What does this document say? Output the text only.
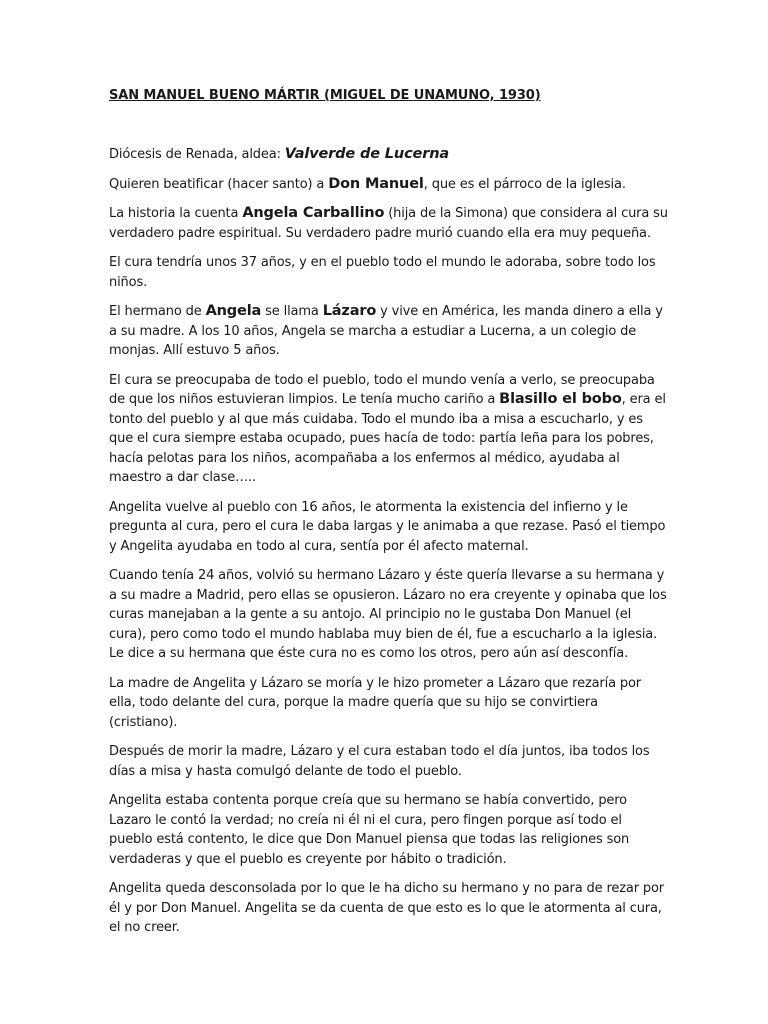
SAN MANUEL BUENO MÁRTIR (MIGUEL DE UNAMUNO, 1930)

Diócesis de Renada, aldea: Valverde de Lucerna

Quieren beatificar (hacer santo) a Don Manuel, que es el párroco de la iglesia.

La historia la cuenta Angela Carballino (hija de la Simona) que considera al cura su verdadero padre espiritual. Su verdadero padre murió cuando ella era muy pequeña.

El cura tendría unos 37 años, y en el pueblo todo el mundo le adoraba, sobre todo los niños.

El hermano de Angela se llama Lázaro y vive en América, les manda dinero a ella y a su madre. A los 10 años, Angela se marcha a estudiar a Lucerna, a un colegio de monjas. Allí estuvo 5 años.

El cura se preocupaba de todo el pueblo, todo el mundo venía a verlo, se preocupaba de que los niños estuvieran limpios. Le tenía mucho cariño a Blasillo el bobo, era el tonto del pueblo y al que más cuidaba. Todo el mundo iba a misa a escucharlo, y es que el cura siempre estaba ocupado, pues hacía de todo: partía leña para los pobres, hacía pelotas para los niños, acompañaba a los enfermos al médico, ayudaba al maestro a dar clase…..

Angelita vuelve al pueblo con 16 años, le atormenta la existencia del infierno y le pregunta al cura, pero el cura le daba largas y le animaba a que rezase. Pasó el tiempo y Angelita ayudaba en todo al cura, sentía por él afecto maternal.

Cuando tenía 24 años, volvió su hermano Lázaro y éste quería llevarse a su hermana y a su madre a Madrid, pero ellas se opusieron. Lázaro no era creyente y opinaba que los curas manejaban a la gente a su antojo. Al principio no le gustaba Don Manuel (el cura), pero como todo el mundo hablaba muy bien de él, fue a escucharlo a la iglesia. Le dice a su hermana que éste cura no es como los otros, pero aún así desconfía.

La madre de Angelita y Lázaro se moría y le hizo prometer a Lázaro que rezaría por ella, todo delante del cura, porque la madre quería que su hijo se convirtiera (cristiano).

Después de morir la madre, Lázaro y el cura estaban todo el día juntos, iba todos los días a misa y hasta comulgó delante de todo el pueblo.

Angelita estaba contenta porque creía que su hermano se había convertido, pero Lazaro le contó la verdad; no creía ni él ni el cura, pero fingen porque así todo el pueblo está contento, le dice que Don Manuel piensa que todas las religiones son verdaderas y que el pueblo es creyente por hábito o tradición.

Angelita queda desconsolada por lo que le ha dicho su hermano y no para de rezar por él y por Don Manuel. Angelita se da cuenta de que esto es lo que le atormenta al cura, el no creer.
